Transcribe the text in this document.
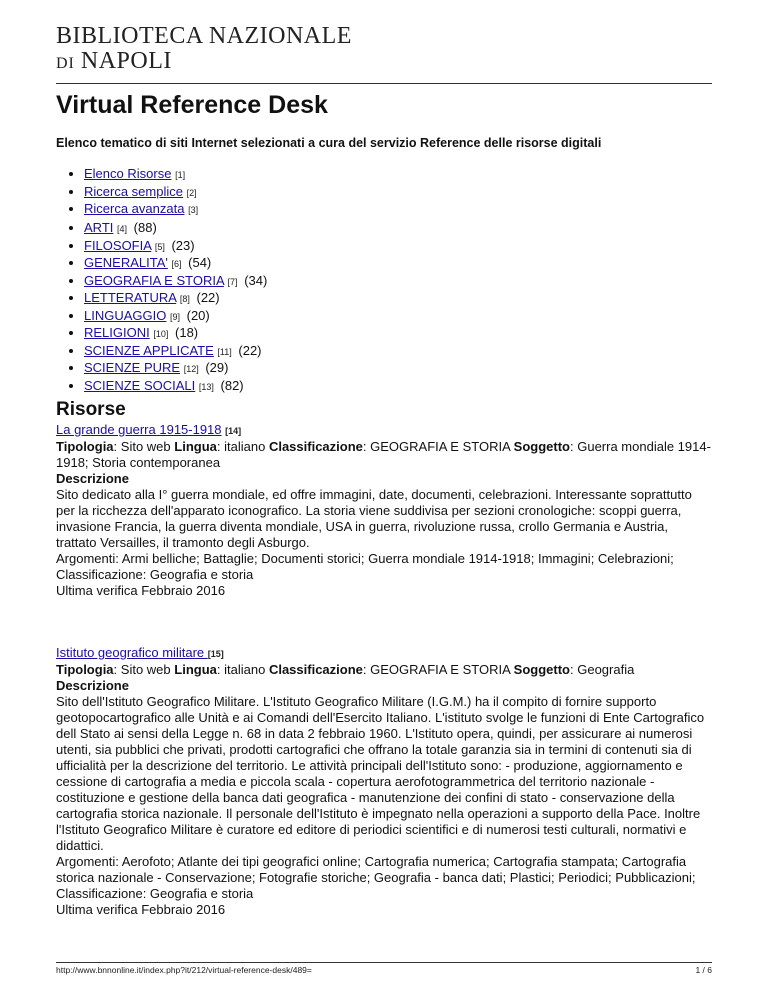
BIBLIOTECA NAZIONALE
DI NAPOLI
Virtual Reference Desk
Elenco tematico di siti Internet selezionati a cura del servizio Reference delle risorse digitali
• Elenco Risorse [1]
• Ricerca semplice [2]
• Ricerca avanzata [3]
• ARTI [4] (88)
• FILOSOFIA [5] (23)
• GENERALITA' [6] (54)
• GEOGRAFIA E STORIA [7] (34)
• LETTERATURA [8] (22)
• LINGUAGGIO [9] (20)
• RELIGIONI [10] (18)
• SCIENZE APPLICATE [11] (22)
• SCIENZE PURE [12] (29)
• SCIENZE SOCIALI [13] (82)
Risorse
La grande guerra 1915-1918 [14]
Tipologia: Sito web Lingua: italiano Classificazione: GEOGRAFIA E STORIA Soggetto: Guerra mondiale 1914-1918; Storia contemporanea
Descrizione
Sito dedicato alla I° guerra mondiale, ed offre immagini, date, documenti, celebrazioni. Interessante soprattutto per la ricchezza dell'apparato iconografico. La storia viene suddivisa per sezioni cronologiche: scoppi guerra, invasione Francia, la guerra diventa mondiale, USA in guerra, rivoluzione russa, crollo Germania e Austria, trattato Versailles, il tramonto degli Asburgo.
Argomenti: Armi belliche; Battaglie; Documenti storici; Guerra mondiale 1914-1918; Immagini; Celebrazioni;
Classificazione: Geografia e storia
Ultima verifica Febbraio 2016
Istituto geografico militare [15]
Tipologia: Sito web Lingua: italiano Classificazione: GEOGRAFIA E STORIA Soggetto: Geografia
Descrizione
Sito dell'Istituto Geografico Militare. L'Istituto Geografico Militare (I.G.M.) ha il compito di fornire supporto geotopocartografico alle Unità e ai Comandi dell'Esercito Italiano. L'istituto svolge le funzioni di Ente Cartografico dell Stato ai sensi della Legge n. 68 in data 2 febbraio 1960. L'Istituto opera, quindi, per assicurare ai numerosi utenti, sia pubblici che privati, prodotti cartografici che offrano la totale garanzia sia in termini di contenuti sia di ufficialità per la descrizione del territorio. Le attività principali dell'Istituto sono: - produzione, aggiornamento e cessione di cartografia a media e piccola scala - copertura aerofotogrammetrica del territorio nazionale - costituzione e gestione della banca dati geografica - manutenzione dei confini di stato - conservazione della cartografia storica nazionale. Il personale dell'Istituto è impegnato nella operazioni a supporto della Pace. Inoltre l'Istituto Geografico Militare è curatore ed editore di periodici scientifici e di numerosi testi culturali, normativi e didattici.
Argomenti: Aerofoto; Atlante dei tipi geografici online; Cartografia numerica; Cartografia stampata; Cartografia storica nazionale - Conservazione; Fotografie storiche; Geografia - banca dati; Plastici; Periodici; Pubblicazioni;
Classificazione: Geografia e storia
Ultima verifica Febbraio 2016
http://www.bnnonline.it/index.php?it/212/virtual-reference-desk/489=	1 / 6
